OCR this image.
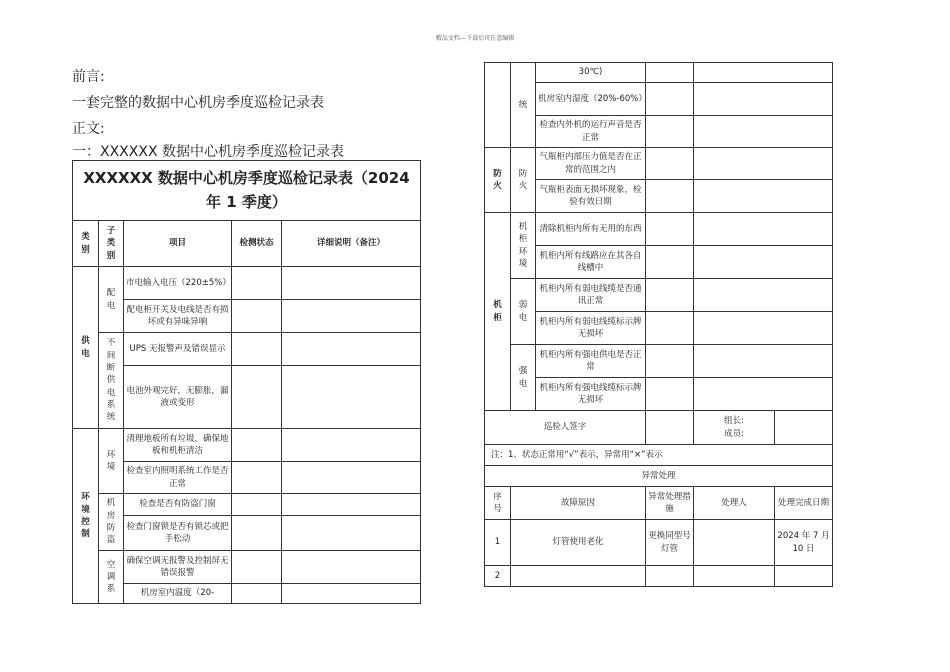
精品文档---下载后可任意编辑
前言:
一套完整的数据中心机房季度巡检记录表
正文:
一：XXXXXX 数据中心机房季度巡检记录表
XXXXXX 数据中心机房季度巡检记录表（2024 年 1 季度）				
类别	子类别	项目	检测状态	详细说明（备注）
供电	配电	市电输入电压（220±5%）		
		配电柜开关及电线是否有损坏或有异味异响		
	不间断供电系统	UPS 无报警声及错误显示		
		电池外观完好，无膨胀，漏液或变形		
环境控制	环境	清理地板所有垃圾，确保地板和机柜清洁		
		检查室内照明系统工作是否正常		
	机房防盗	检查是否有防盗门窗		
		检查门窗锁是否有锁芯或把手松动		
	空调系	确保空调无报警及控制屏无错误报警		
		机房室内温度（20-		
	统	30℃)			
		机房室内湿度（20%-60%）			
		检查内外机的运行声音是否正常			
防火	防火	气瓶柜内部压力值是否在正常的范围之内			
		气瓶柜表面无损坏现象，检验有效日期			
机柜	机柜环境	清除机柜内所有无用的东西			
		机柜内所有线路应在其各自线槽中			
	弱电	机柜内所有弱电线缆是否通讯正常			
		机柜内所有弱电线缆标示牌无损坏			
	强电	机柜内所有强电供电是否正常			
		机柜内所有强电线缆标示牌无损坏			
巡检人签字				组长:
成员:	

注：1、状态正常用“√”表示，异常用“×”表示					
异常处理					
序号	故障原因		异常处理措施	处理人	处理完成日期
1	灯管使用老化		更换同型号灯管		2024 年 7 月 10 日
2					
